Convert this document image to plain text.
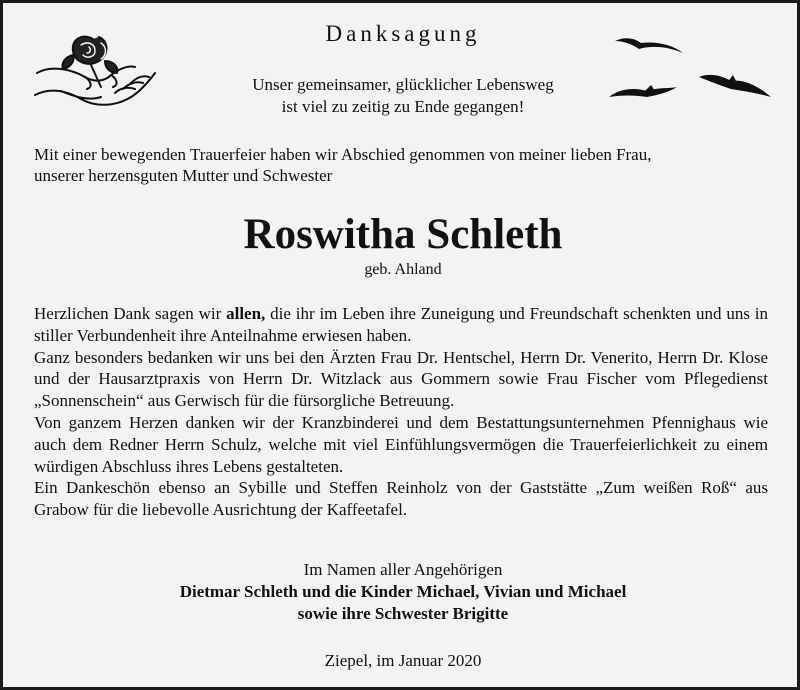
Danksagung
Unser gemeinsamer, glücklicher Lebensweg
ist viel zu zeitig zu Ende gegangen!
Mit einer bewegenden Trauerfeier haben wir Abschied genommen von meiner lieben Frau,
unserer herzensguten Mutter und Schwester
Roswitha Schleth
geb. Ahland

Herzlichen Dank sagen wir allen, die ihr im Leben ihre Zuneigung und Freundschaft schenkten und uns in stiller Verbundenheit ihre Anteilnahme erwiesen haben.

Ganz besonders bedanken wir uns bei den Ärzten Frau Dr. Hentschel, Herrn Dr. Venerito, Herrn Dr. Klose und der Hausarztpraxis von Herrn Dr. Witzlack aus Gommern sowie Frau Fischer vom Pflegedienst „Sonnenschein“ aus Gerwisch für die fürsorgliche Betreuung.

Von ganzem Herzen danken wir der Kranzbinderei und dem Bestattungsunternehmen Pfennighaus wie auch dem Redner Herrn Schulz, welche mit viel Einfühlungsvermögen die Trauerfeierlichkeit zu einem würdigen Abschluss ihres Lebens gestalteten.

Ein Dankeschön ebenso an Sybille und Steffen Reinholz von der Gaststätte „Zum weißen Roß“ aus Grabow für die liebevolle Ausrichtung der Kaffeetafel.

Im Namen aller Angehörigen
Dietmar Schleth und die Kinder Michael, Vivian und Michael
sowie ihre Schwester Brigitte
Ziepel, im Januar 2020
